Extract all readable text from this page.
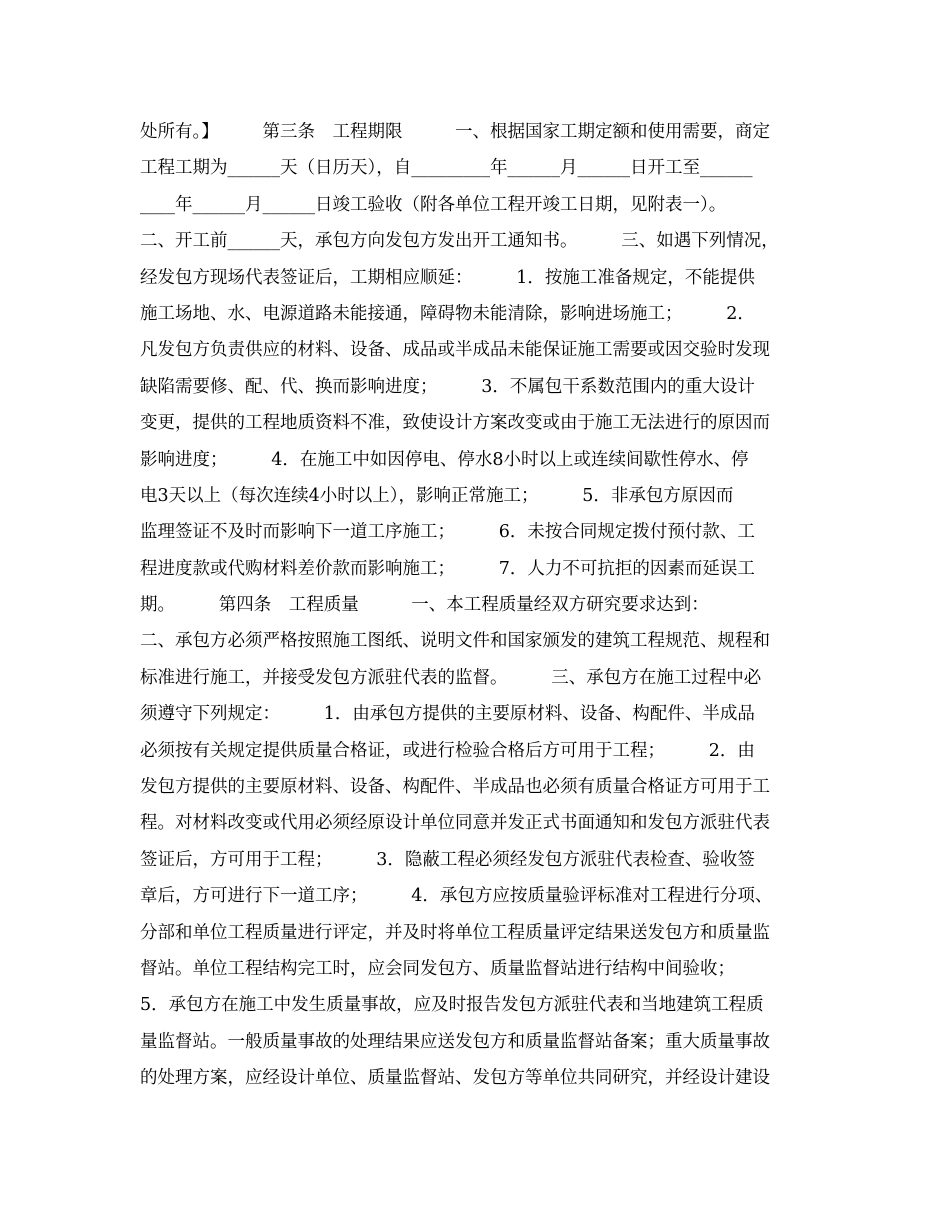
处所有。】　　　第三条　工程期限　　　一、根据国家工期定额和使用需要，商定
工程工期为______天（日历天），自_________年______月______日开工至______
____年______月______日竣工验收（附各单位工程开竣工日期，见附表一）。
二、开工前______天，承包方向发包方发出开工通知书。　　　三、如遇下列情况，
经发包方现场代表签证后，工期相应顺延：　　　1．按施工准备规定，不能提供
施工场地、水、电源道路未能接通，障碍物未能清除，影响进场施工；　　　2．
凡发包方负责供应的材料、设备、成品或半成品未能保证施工需要或因交验时发现
缺陷需要修、配、代、换而影响进度；　　　3．不属包干系数范围内的重大设计
变更，提供的工程地质资料不准，致使设计方案改变或由于施工无法进行的原因而
影响进度；　　　4．在施工中如因停电、停水8小时以上或连续间歇性停水、停
电3天以上（每次连续4小时以上），影响正常施工；　　　5．非承包方原因而
监理签证不及时而影响下一道工序施工；　　　6．未按合同规定拨付预付款、工
程进度款或代购材料差价款而影响施工；　　　7．人力不可抗拒的因素而延误工
期。　　　第四条　工程质量　　　一、本工程质量经双方研究要求达到：
二、承包方必须严格按照施工图纸、说明文件和国家颁发的建筑工程规范、规程和
标准进行施工，并接受发包方派驻代表的监督。　　　三、承包方在施工过程中必
须遵守下列规定：　　　1．由承包方提供的主要原材料、设备、构配件、半成品
必须按有关规定提供质量合格证，或进行检验合格后方可用于工程；　　　2．由
发包方提供的主要原材料、设备、构配件、半成品也必须有质量合格证方可用于工
程。对材料改变或代用必须经原设计单位同意并发正式书面通知和发包方派驻代表
签证后，方可用于工程；　　　3．隐蔽工程必须经发包方派驻代表检查、验收签
章后，方可进行下一道工序；　　　4．承包方应按质量验评标准对工程进行分项、
分部和单位工程质量进行评定，并及时将单位工程质量评定结果送发包方和质量监
督站。单位工程结构完工时，应会同发包方、质量监督站进行结构中间验收；
5．承包方在施工中发生质量事故，应及时报告发包方派驻代表和当地建筑工程质
量监督站。一般质量事故的处理结果应送发包方和质量监督站备案；重大质量事故
的处理方案，应经设计单位、质量监督站、发包方等单位共同研究，并经设计建设
